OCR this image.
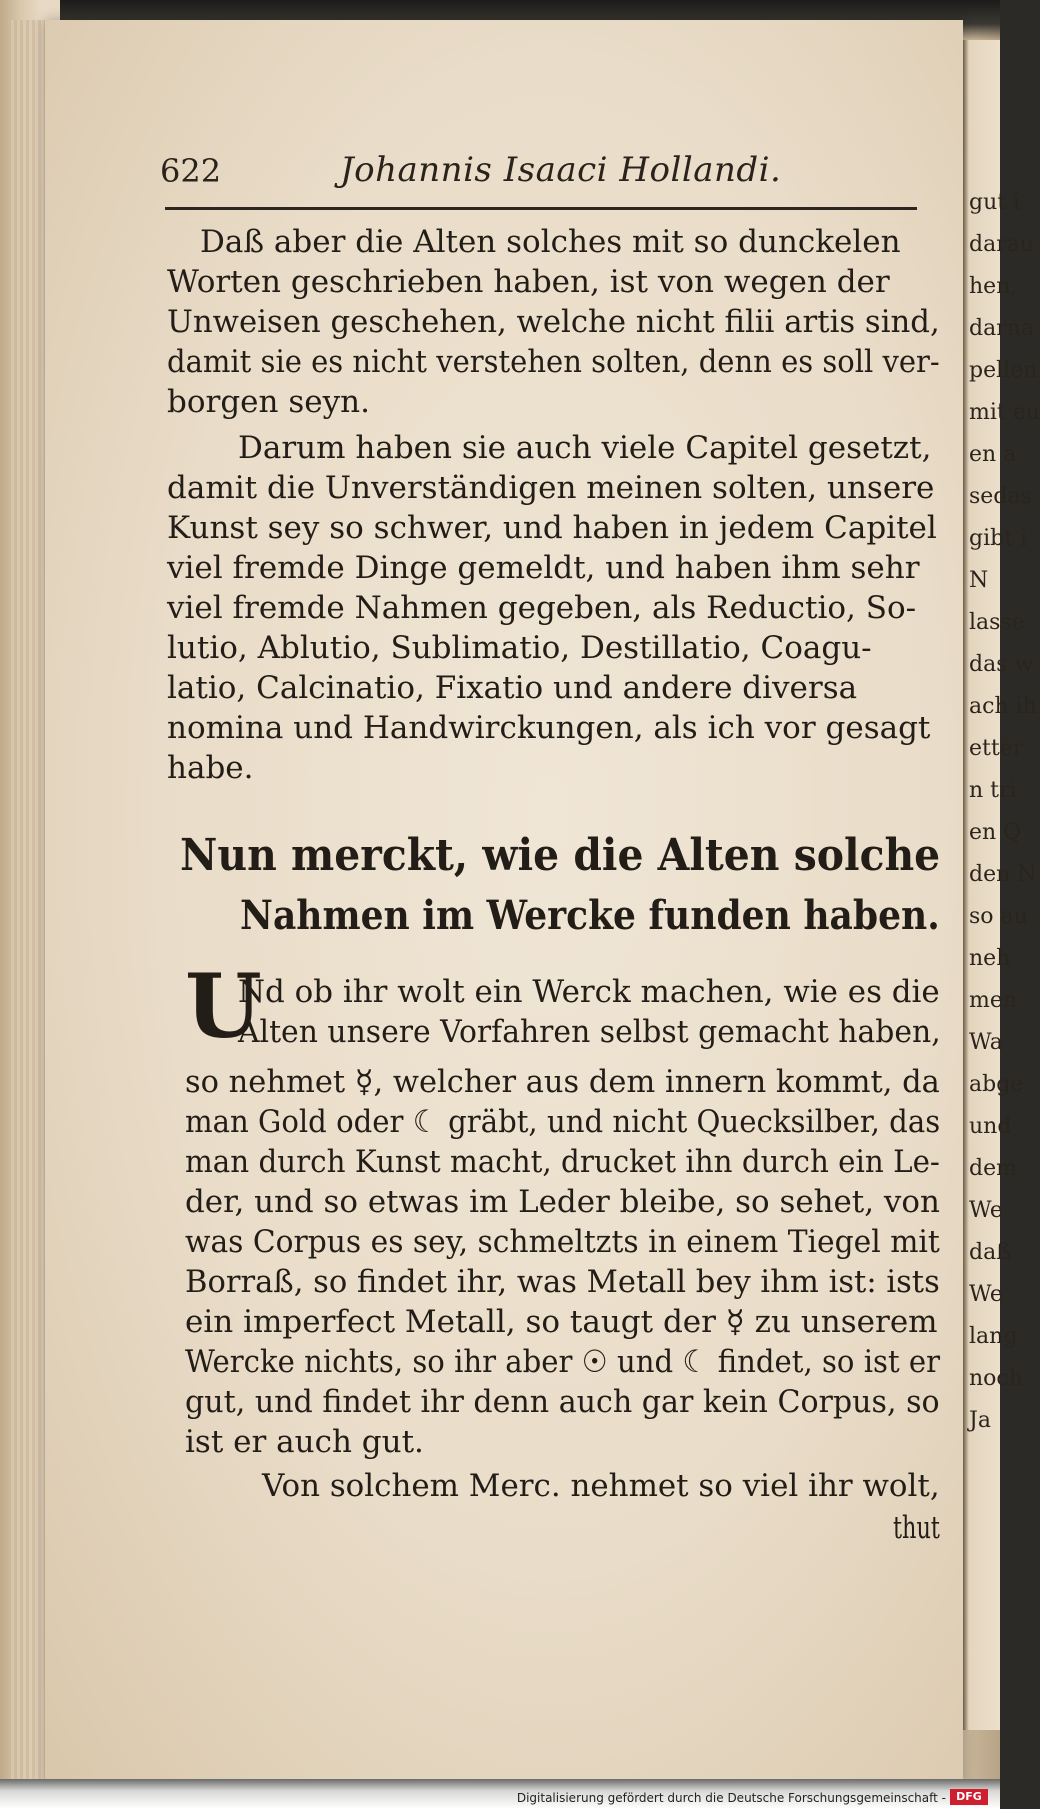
gut i
darau
hen,
darna
pellen
mit eu
en a
sedas
gibt i
N
lasse
das w
ach ih
etter
n tri
en Q
den N
so au
neh
men
Wa
abge
und
dem
We
daß
We
lang
noch
Ja
622	Johannis Isaaci Hollandi.
Daß aber die Alten solches mit so dunckelen
Worten geschrieben haben, ist von wegen der
Unweisen geschehen, welche nicht filii artis sind,
damit sie es nicht verstehen solten, denn es soll ver-
borgen seyn.
Darum haben sie auch viele Capitel gesetzt,
damit die Unverständigen meinen solten, unsere
Kunst sey so schwer, und haben in jedem Capitel
viel fremde Dinge gemeldt, und haben ihm sehr
viel fremde Nahmen gegeben, als Reductio, So-
lutio, Ablutio, Sublimatio, Destillatio, Coagu-
latio, Calcinatio, Fixatio und andere diversa
nomina und Handwirckungen, als ich vor gesagt
habe.
Nun merckt, wie die Alten solche
Nahmen im Wercke funden haben.
U
Nd ob ihr wolt ein Werck machen, wie es die
Alten unsere Vorfahren selbst gemacht haben,
so nehmet ☿, welcher aus dem innern kommt, da
man Gold oder ☾ gräbt, und nicht Quecksilber, das
man durch Kunst macht, drucket ihn durch ein Le-
der, und so etwas im Leder bleibe, so sehet, von
was Corpus es sey, schmeltzts in einem Tiegel mit
Borraß, so findet ihr, was Metall bey ihm ist: ists
ein imperfect Metall, so taugt der ☿ zu unserem
Wercke nichts, so ihr aber ☉ und ☾ findet, so ist er
gut, und findet ihr denn auch gar kein Corpus, so
ist er auch gut.
Von solchem Merc. nehmet so viel ihr wolt,
thut
Digitalisierung gefördert durch die Deutsche Forschungsgemeinschaft - DFG
